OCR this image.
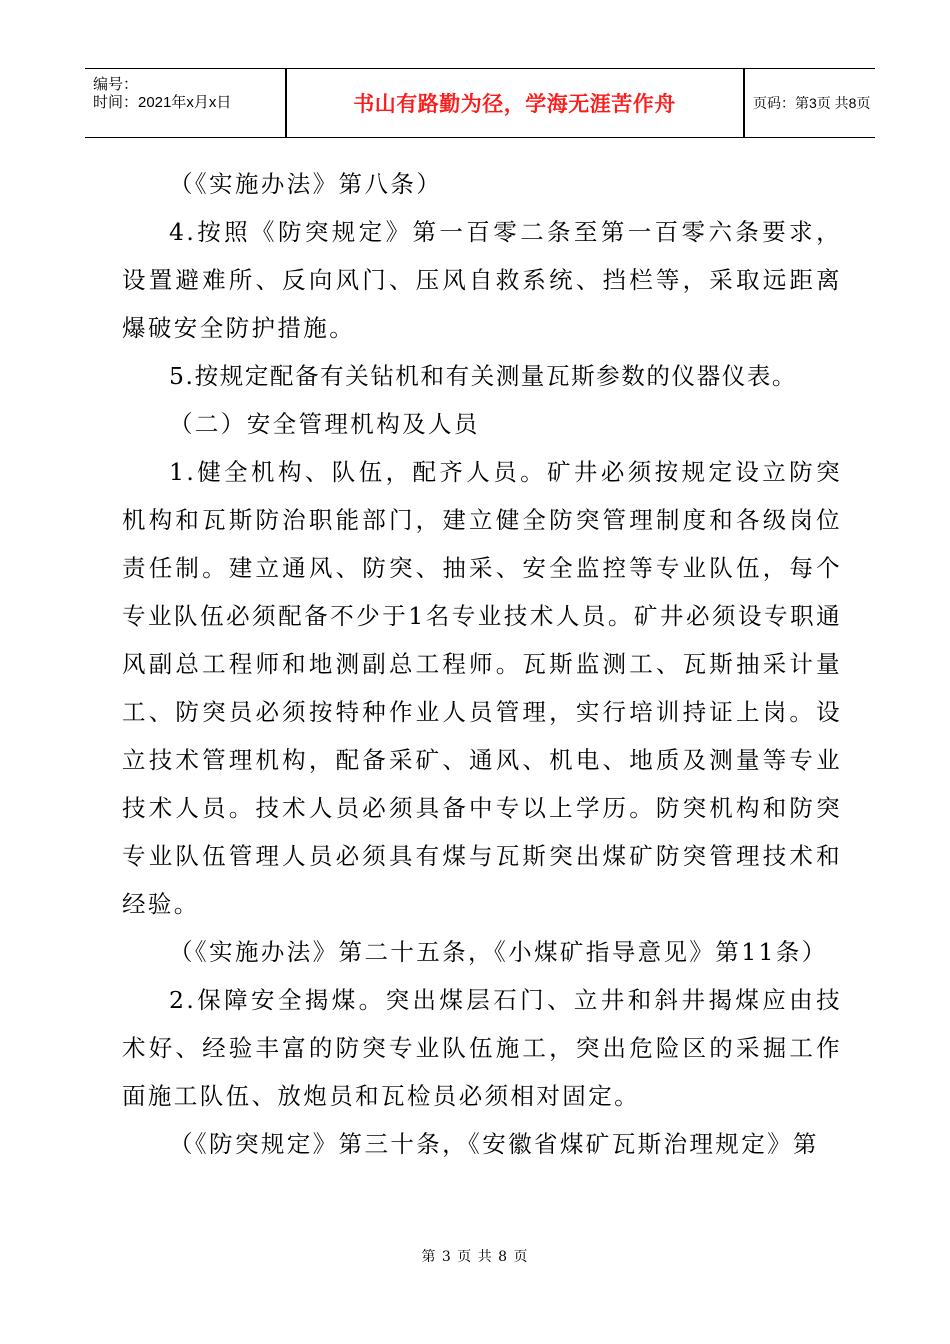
编号：
时间：2021年x月x日	书山有路勤为径，学海无涯苦作舟	页码：第3页 共8页

（《实施办法》第八条）

4.按照《防突规定》第一百零二条至第一百零六条要求，设置避难所、反向风门、压风自救系统、挡栏等，采取远距离爆破安全防护措施。

5.按规定配备有关钻机和有关测量瓦斯参数的仪器仪表。

（二）安全管理机构及人员

1.健全机构、队伍，配齐人员。矿井必须按规定设立防突机构和瓦斯防治职能部门，建立健全防突管理制度和各级岗位责任制。建立通风、防突、抽采、安全监控等专业队伍，每个专业队伍必须配备不少于1名专业技术人员。矿井必须设专职通风副总工程师和地测副总工程师。瓦斯监测工、瓦斯抽采计量工、防突员必须按特种作业人员管理，实行培训持证上岗。设立技术管理机构，配备采矿、通风、机电、地质及测量等专业技术人员。技术人员必须具备中专以上学历。防突机构和防突专业队伍管理人员必须具有煤与瓦斯突出煤矿防突管理技术和经验。

（《实施办法》第二十五条，《小煤矿指导意见》第11条）

2.保障安全揭煤。突出煤层石门、立井和斜井揭煤应由技术好、经验丰富的防突专业队伍施工，突出危险区的采掘工作面施工队伍、放炮员和瓦检员必须相对固定。

（《防突规定》第三十条，《安徽省煤矿瓦斯治理规定》第

第 3 页 共 8 页
